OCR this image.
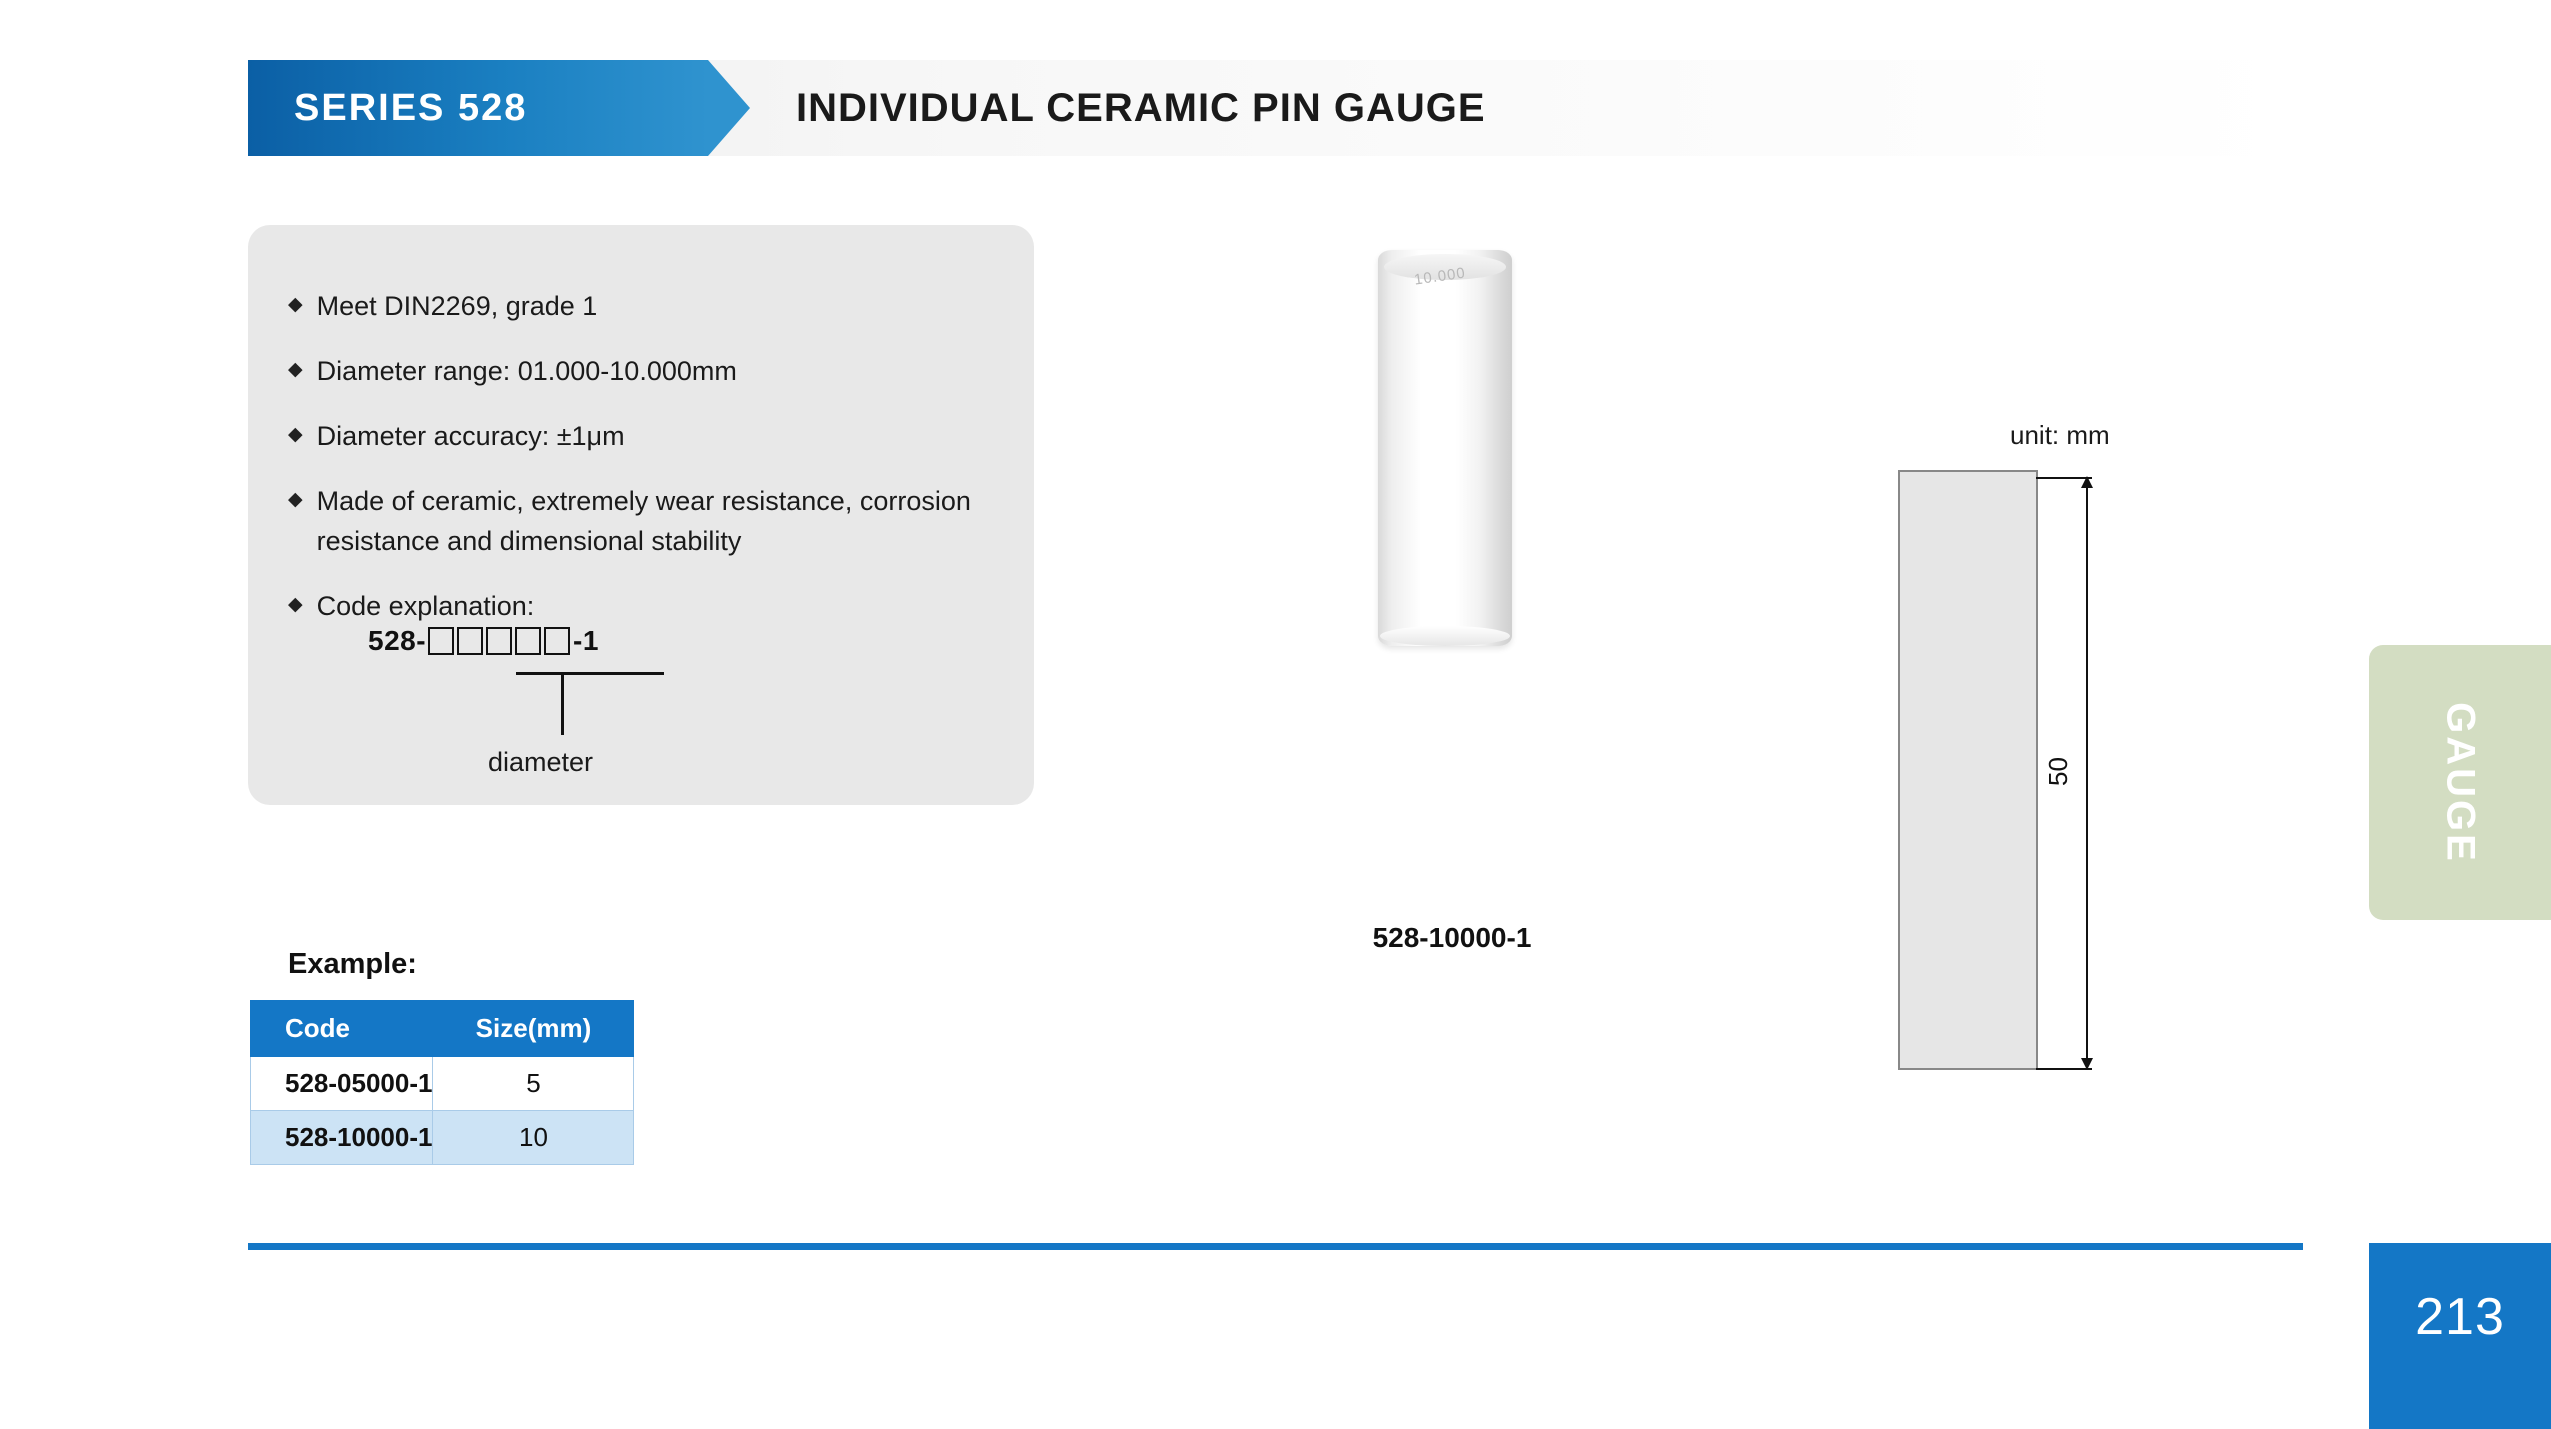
SERIES 528	INDIVIDUAL CERAMIC PIN GAUGE
◆ Meet DIN2269, grade 1
◆ Diameter range: 01.000-10.000mm
◆ Diameter accuracy: ±1μm
◆ Made of ceramic, extremely wear resistance, corrosion resistance and dimensional stability
◆ Code explanation:
528-	-1
diameter
Example:
Code	Size(mm)
528-05000-1	5
528-10000-1	10
10.000
528-10000-1
unit: mm
50	GAUGE
213
